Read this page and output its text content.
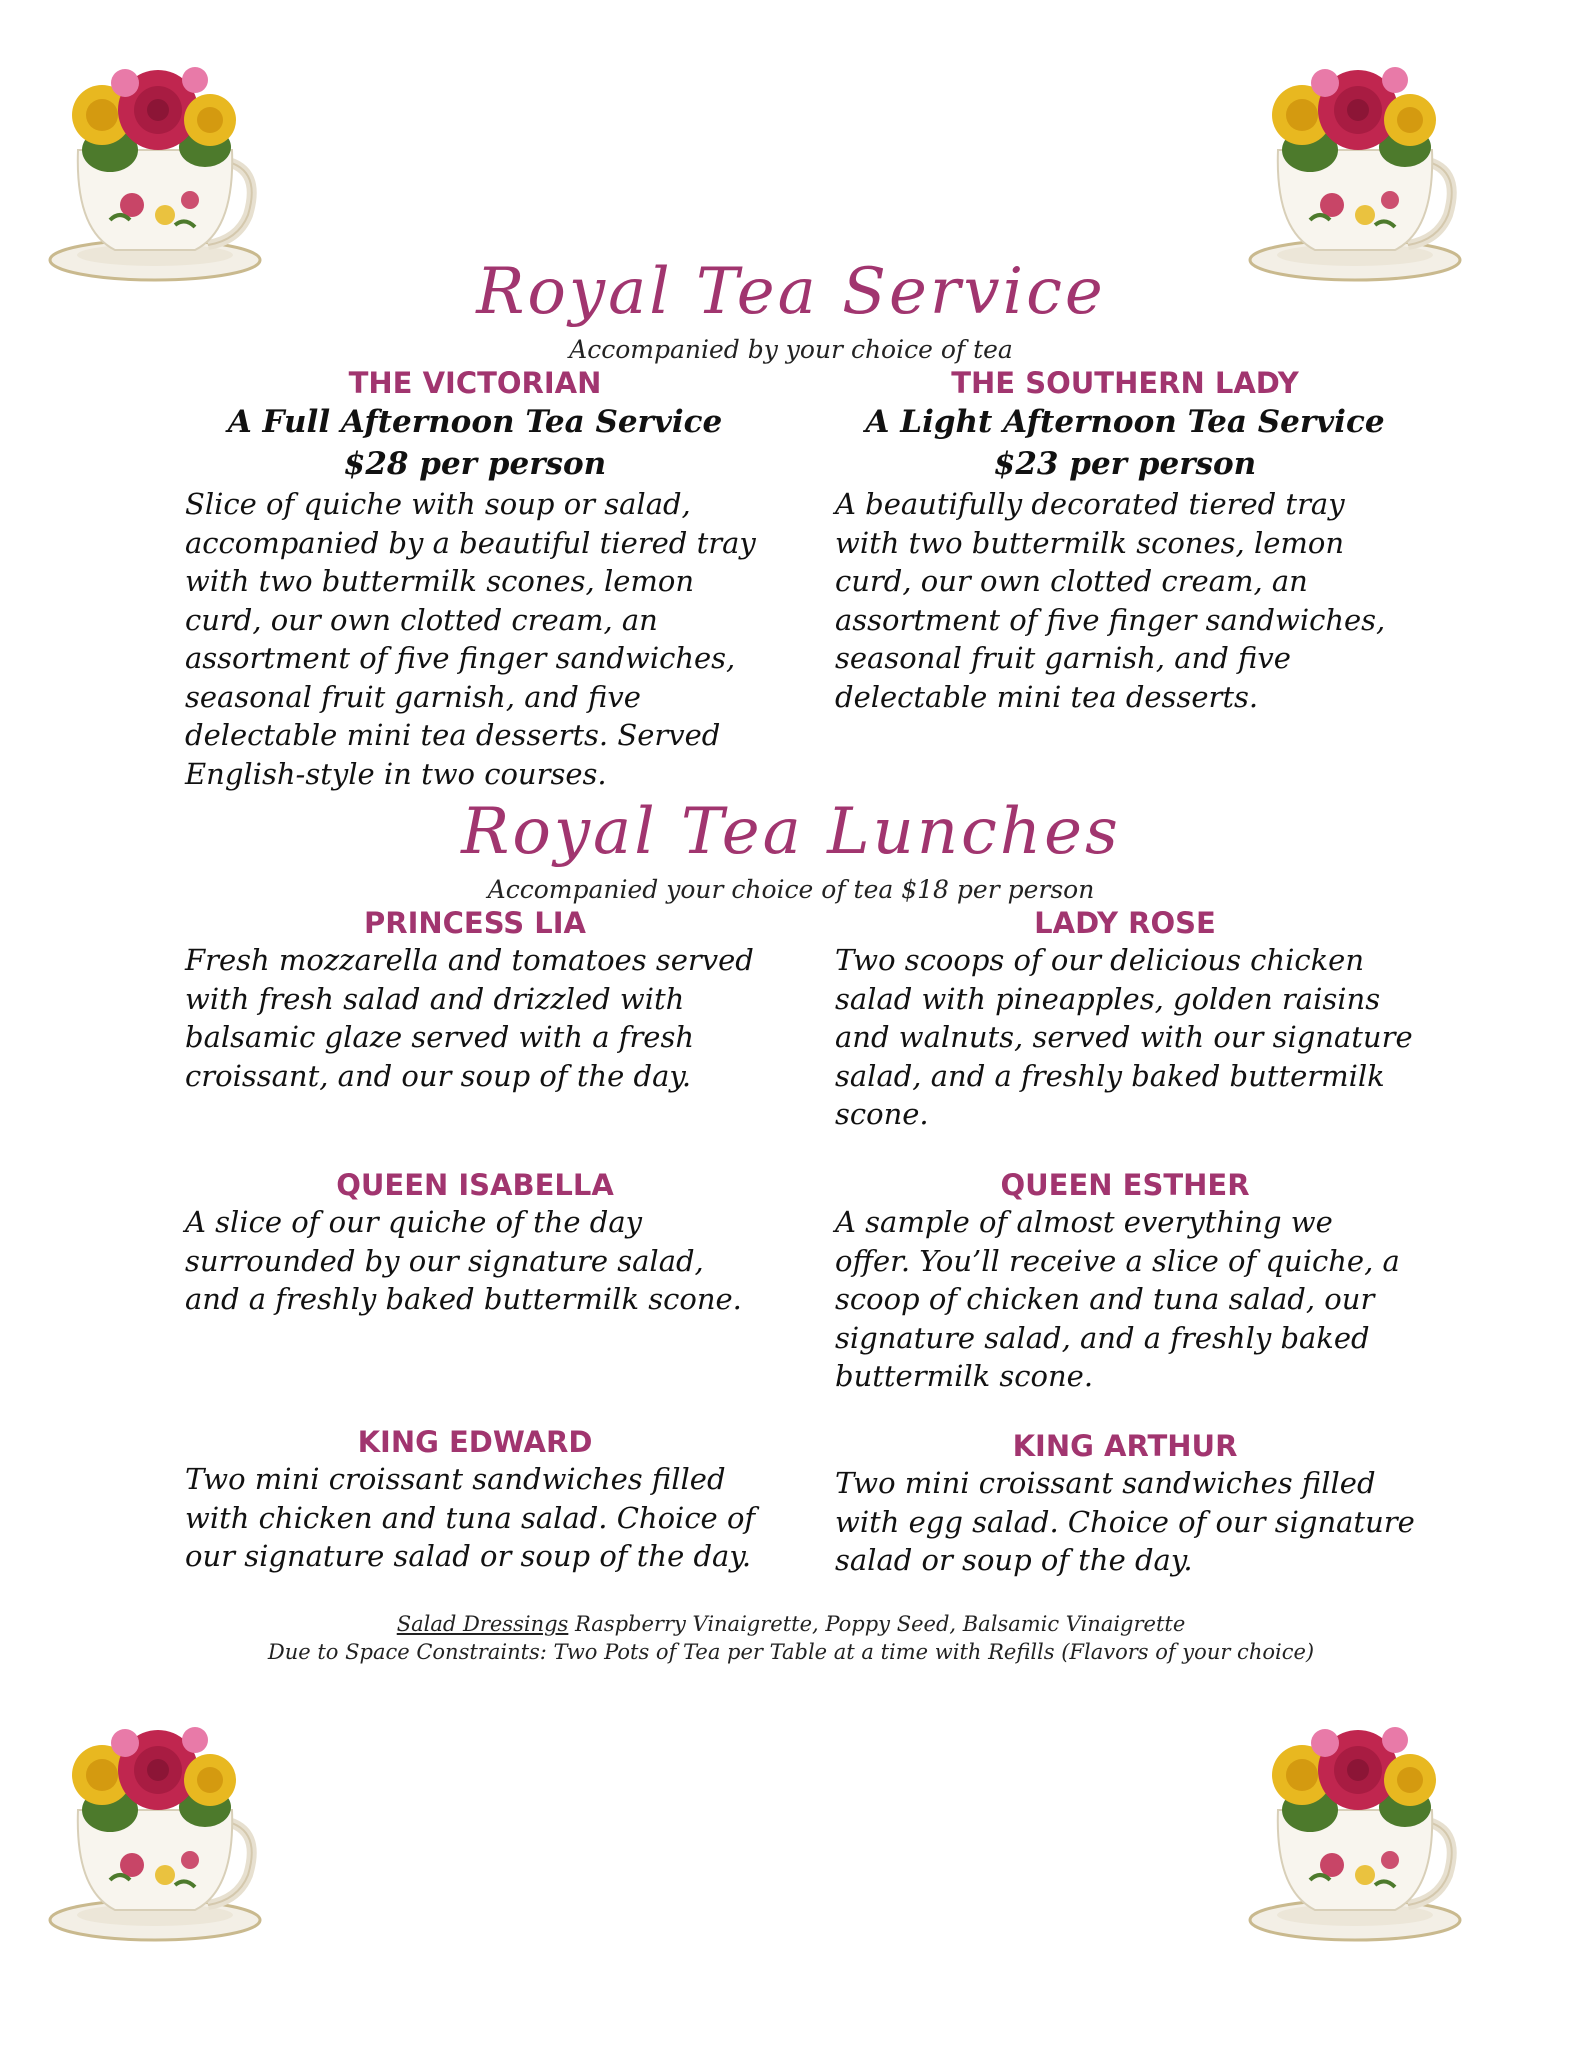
Royal Tea Service
Accompanied by your choice of tea
THE VICTORIAN
A Full Afternoon Tea Service
$28 per person
Slice of quiche with soup or salad, accompanied by a beautiful tiered tray with two buttermilk scones, lemon curd, our own clotted cream, an assortment of five finger sandwiches, seasonal fruit garnish, and five delectable mini tea desserts. Served English-style in two courses.
THE SOUTHERN LADY
A Light Afternoon Tea Service
$23 per person
A beautifully decorated tiered tray with two buttermilk scones, lemon curd, our own clotted cream, an assortment of five finger sandwiches, seasonal fruit garnish, and five delectable mini tea desserts.
Royal Tea Lunches
Accompanied your choice of tea $18 per person
PRINCESS LIA
Fresh mozzarella and tomatoes served with fresh salad and drizzled with balsamic glaze served with a fresh croissant, and our soup of the day.
LADY ROSE
Two scoops of our delicious chicken salad with pineapples, golden raisins and walnuts, served with our signature salad, and a freshly baked buttermilk scone.
QUEEN ISABELLA
A slice of our quiche of the day surrounded by our signature salad, and a freshly baked buttermilk scone.
QUEEN ESTHER
A sample of almost everything we offer. You’ll receive a slice of quiche, a scoop of chicken and tuna salad, our signature salad, and a freshly baked buttermilk scone.
KING EDWARD
Two mini croissant sandwiches filled with chicken and tuna salad. Choice of our signature salad or soup of the day.
KING ARTHUR
Two mini croissant sandwiches filled with egg salad. Choice of our signature salad or soup of the day.
Salad Dressings Raspberry Vinaigrette, Poppy Seed, Balsamic Vinaigrette
Due to Space Constraints: Two Pots of Tea per Table at a time with Refills (Flavors of your choice)
